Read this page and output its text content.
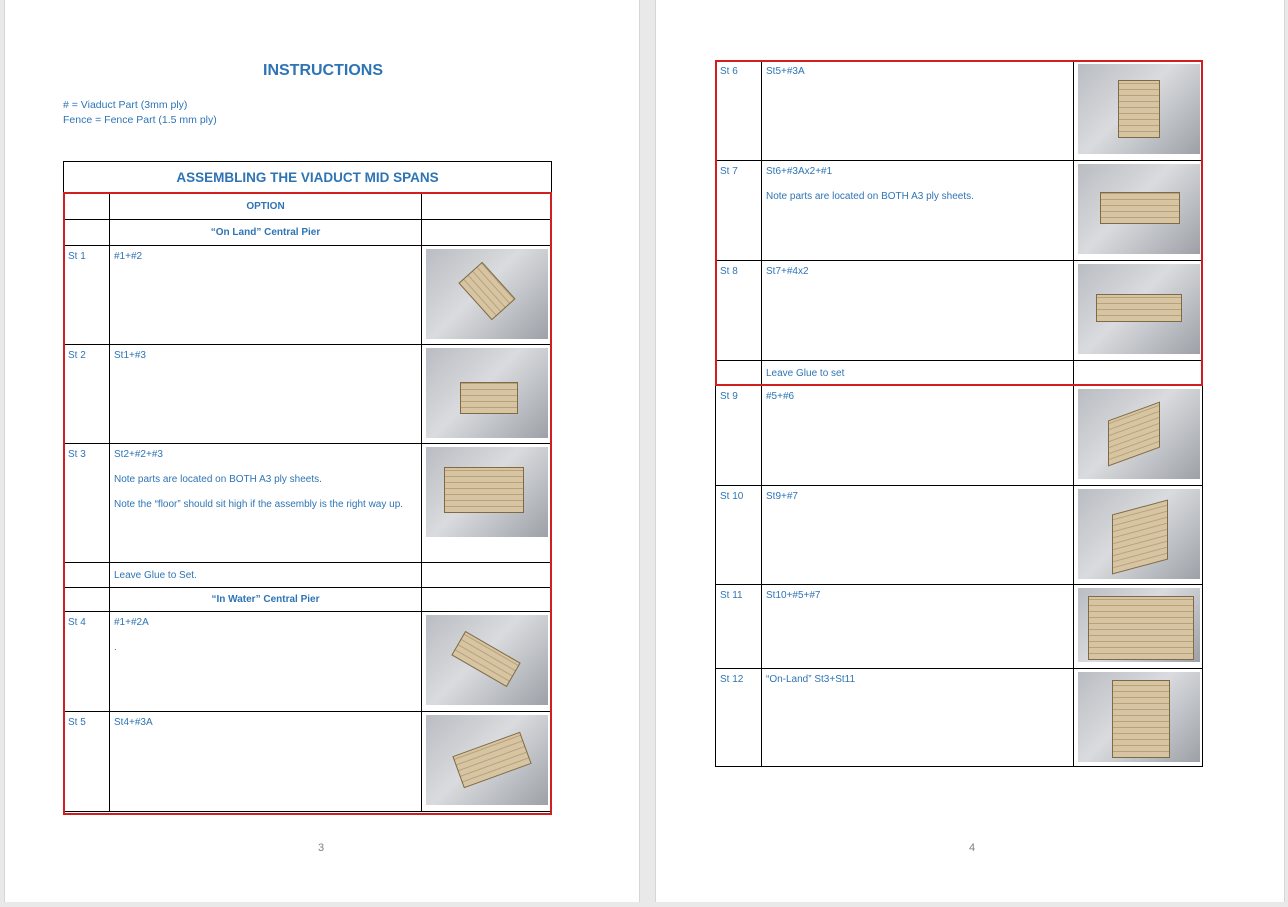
INSTRUCTIONS
# = Viaduct Part (3mm ply)
Fence = Fence Part (1.5 mm ply)
ASSEMBLING THE VIADUCT MID SPANS		
	OPTION	
	“On Land” Central Pier	
St 1	#1+#2	

St 2	St1+#3	

St 3	St2+#2+#3
Note parts are located on BOTH A3 ply sheets.
Note the “floor” should sit high if the assembly is the right way up.	

	Leave Glue to Set.	
	“In Water” Central Pier	
St 4	#1+#2A
.	

St 5	St4+#3A	
3
St 6	St5+#3A	

St 7	St6+#3Ax2+#1
Note parts are located on BOTH A3 ply sheets.	

St 8	St7+#4x2	

	Leave Glue to set	
St 9	#5+#6	

St 10	St9+#7	

St 11	St10+#5+#7	

St 12	“On-Land” St3+St11	
4
